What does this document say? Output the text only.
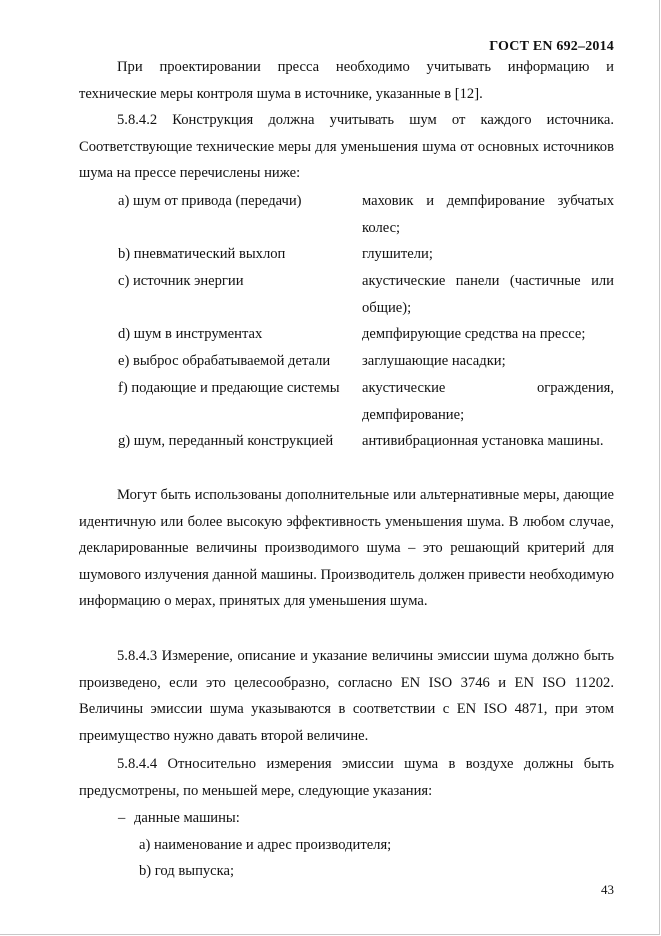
ГОСТ EN 692–2014

При проектировании пресса необходимо учитывать информацию и технические меры контроля шума в источнике, указанные в [12].

5.8.4.2 Конструкция должна учитывать шум от каждого источника. Соответствующие технические меры для уменьшения шума от основных источников шума на прессе перечислены ниже:

a) шум от привода (передачи)	маховик и демпфирование зубчатых колес;
b) пневматический выхлоп	глушители;
c) источник энергии	акустические панели (частичные или общие);
d) шум в инструментах	демпфирующие средства на прессе;
e) выброс обрабатываемой детали	заглушающие насадки;
f) подающие и предающие системы	акустические ограждения, демпфирование;
g) шум, переданный конструкцией	антивибрационная установка машины.

Могут быть использованы дополнительные или альтернативные меры, дающие идентичную или более высокую эффективность уменьшения шума. В любом случае, декларированные величины производимого шума – это решающий критерий для шумового излучения данной машины. Производитель должен привести необходимую информацию о мерах, принятых для уменьшения шума.

5.8.4.3 Измерение, описание и указание величины эмиссии шума должно быть произведено, если это целесообразно, согласно EN ISO 3746 и EN ISO 11202. Величины эмиссии шума указываются в соответствии с EN ISO 4871, при этом преимущество нужно давать второй величине.

5.8.4.4 Относительно измерения эмиссии шума в воздухе должны быть предусмотрены, по меньшей мере, следующие указания:

– данные машины:
a) наименование и адрес производителя;
b) год выпуска;
43
